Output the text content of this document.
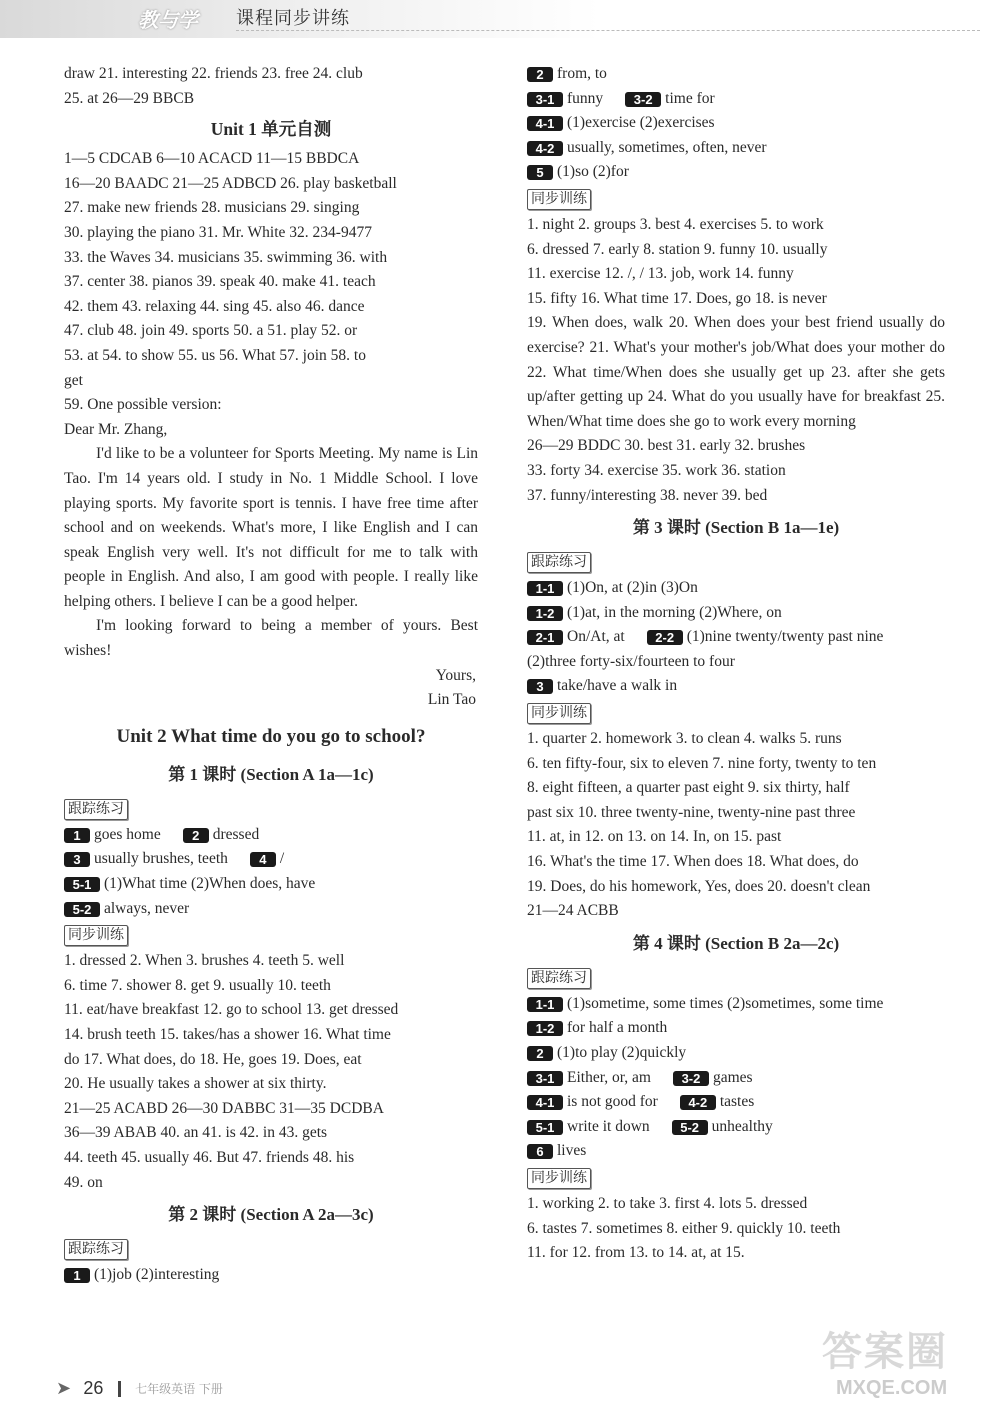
教与学 课程同步讲练
draw 21. interesting 22. friends 23. free 24. club
25. at 26—29 BBCB
Unit 1 单元自测
1—5 CDCAB 6—10 ACACD 11—15 BBDCA
16—20 BAADC 21—25 ADBCD 26. play basketball
27. make new friends 28. musicians 29. singing
30. playing the piano 31. Mr. White 32. 234-9477
33. the Waves 34. musicians 35. swimming 36. with
37. center 38. pianos 39. speak 40. make 41. teach
42. them 43. relaxing 44. sing 45. also 46. dance
47. club 48. join 49. sports 50. a 51. play 52. or
53. at 54. to show 55. us 56. What 57. join 58. to
get
59. One possible version:
Dear Mr. Zhang,
I'd like to be a volunteer for Sports Meeting. My name is Lin Tao. I'm 14 years old. I study in No. 1 Middle School. I love playing sports. My favorite sport is tennis. I have free time after school and on weekends. What's more, I like English and I can speak English very well. It's not difficult for me to talk with people in English. And also, I am good with people. I really like helping others. I believe I can be a good helper.
I'm looking forward to being a member of yours. Best wishes!
Yours,
Lin Tao
Unit 2 What time do you go to school?
第 1 课时 (Section A 1a—1c)
跟踪练习
1 goes home 2 dressed
3 usually brushes, teeth 4 /
5-1 (1)What time (2)When does, have
5-2 always, never
同步训练
1. dressed 2. When 3. brushes 4. teeth 5. well
6. time 7. shower 8. get 9. usually 10. teeth
11. eat/have breakfast 12. go to school 13. get dressed
14. brush teeth 15. takes/has a shower 16. What time
do 17. What does, do 18. He, goes 19. Does, eat
20. He usually takes a shower at six thirty.
21—25 ACABD 26—30 DABBC 31—35 DCDBA
36—39 ABAB 40. an 41. is 42. in 43. gets
44. teeth 45. usually 46. But 47. friends 48. his
49. on
第 2 课时 (Section A 2a—3c)
跟踪练习
1 (1)job (2)interesting
2 from, to
3-1 funny 3-2 time for
4-1 (1)exercise (2)exercises
4-2 usually, sometimes, often, never
5 (1)so (2)for
同步训练
1. night 2. groups 3. best 4. exercises 5. to work
6. dressed 7. early 8. station 9. funny 10. usually
11. exercise 12. /, / 13. job, work 14. funny
15. fifty 16. What time 17. Does, go 18. is never
19. When does, walk 20. When does your best friend usually do exercise? 21. What's your mother's job/What does your mother do 22. What time/When does she usually get up 23. after she gets up/after getting up 24. What do you usually have for breakfast 25. When/What time does she go to work every morning
26—29 BDDC 30. best 31. early 32. brushes
33. forty 34. exercise 35. work 36. station
37. funny/interesting 38. never 39. bed
第 3 课时 (Section B 1a—1e)
跟踪练习
1-1 (1)On, at (2)in (3)On
1-2 (1)at, in the morning (2)Where, on
2-1 On/At, at 2-2 (1)nine twenty/twenty past nine
(2)three forty-six/fourteen to four
3 take/have a walk in
同步训练
1. quarter 2. homework 3. to clean 4. walks 5. runs
6. ten fifty-four, six to eleven 7. nine forty, twenty to ten
8. eight fifteen, a quarter past eight 9. six thirty, half
past six 10. three twenty-nine, twenty-nine past three
11. at, in 12. on 13. on 14. In, on 15. past
16. What's the time 17. When does 18. What does, do
19. Does, do his homework, Yes, does 20. doesn't clean
21—24 ACBB
第 4 课时 (Section B 2a—2c)
跟踪练习
1-1 (1)sometime, some times (2)sometimes, some time
1-2 for half a month
2 (1)to play (2)quickly
3-1 Either, or, am 3-2 games
4-1 is not good for 4-2 tastes
5-1 write it down 5-2 unhealthy
6 lives
同步训练
1. working 2. to take 3. first 4. lots 5. dressed
6. tastes 7. sometimes 8. either 9. quickly 10. teeth
11. for 12. from 13. to 14. at, at 15.
➤ 26	七年级英语 下册
答案圈
MXQE.COM
